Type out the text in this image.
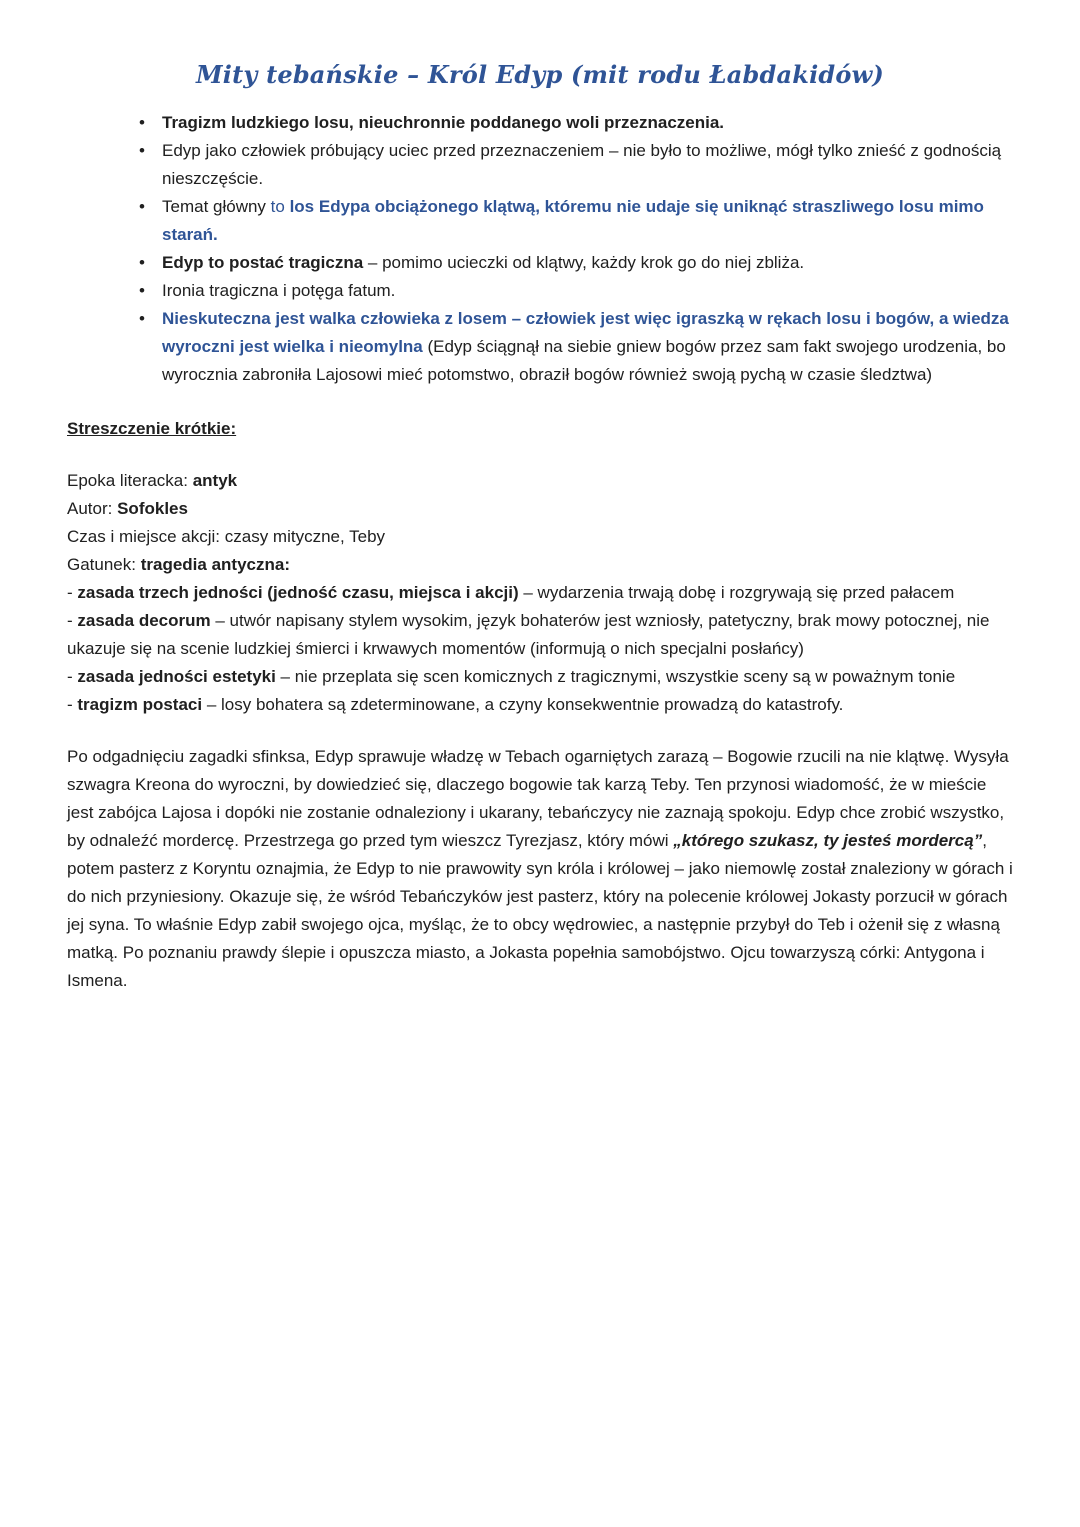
Mity tebańskie – Król Edyp (mit rodu Łabdakidów)
•
Tragizm ludzkiego losu, nieuchronnie poddanego woli przeznaczenia.
•
Edyp jako człowiek próbujący uciec przed przeznaczeniem – nie było to możliwe, mógł tylko znieść z godnością nieszczęście.
•
Temat główny to los Edypa obciążonego klątwą, któremu nie udaje się uniknąć straszliwego losu mimo starań.
•
Edyp to postać tragiczna – pomimo ucieczki od klątwy, każdy krok go do niej zbliża.
•
Ironia tragiczna i potęga fatum.
•
Nieskuteczna jest walka człowieka z losem – człowiek jest więc igraszką w rękach losu i bogów, a wiedza wyroczni jest wielka i nieomylna (Edyp ściągnął na siebie gniew bogów przez sam fakt swojego urodzenia, bo wyrocznia zabroniła Lajosowi mieć potomstwo, obraził bogów również swoją pychą w czasie śledztwa)
Streszczenie krótkie:
Epoka literacka: antyk
Autor: Sofokles
Czas i miejsce akcji: czasy mityczne, Teby
Gatunek: tragedia antyczna:
- zasada trzech jedności (jedność czasu, miejsca i akcji) – wydarzenia trwają dobę i rozgrywają się przed pałacem
- zasada decorum – utwór napisany stylem wysokim, język bohaterów jest wzniosły, patetyczny, brak mowy potocznej, nie ukazuje się na scenie ludzkiej śmierci i krwawych momentów (informują o nich specjalni posłańcy)
- zasada jedności estetyki – nie przeplata się scen komicznych z tragicznymi, wszystkie sceny są w poważnym tonie
- tragizm postaci – losy bohatera są zdeterminowane, a czyny konsekwentnie prowadzą do katastrofy.

Po odgadnięciu zagadki sfinksa, Edyp sprawuje władzę w Tebach ogarniętych zarazą – Bogowie rzucili na nie klątwę. Wysyła szwagra Kreona do wyroczni, by dowiedzieć się, dlaczego bogowie tak karzą Teby. Ten przynosi wiadomość, że w mieście jest zabójca Lajosa i dopóki nie zostanie odnaleziony i ukarany, tebańczycy nie zaznają spokoju. Edyp chce zrobić wszystko, by odnaleźć mordercę. Przestrzega go przed tym wieszcz Tyrezjasz, który mówi „którego szukasz, ty jesteś mordercą”, potem pasterz z Koryntu oznajmia, że Edyp to nie prawowity syn króla i królowej – jako niemowlę został znaleziony w górach i do nich przyniesiony. Okazuje się, że wśród Tebańczyków jest pasterz, który na polecenie królowej Jokasty porzucił w górach jej syna. To właśnie Edyp zabił swojego ojca, myśląc, że to obcy wędrowiec, a następnie przybył do Teb i ożenił się z własną matką. Po poznaniu prawdy ślepie i opuszcza miasto, a Jokasta popełnia samobójstwo. Ojcu towarzyszą córki: Antygona i Ismena.
